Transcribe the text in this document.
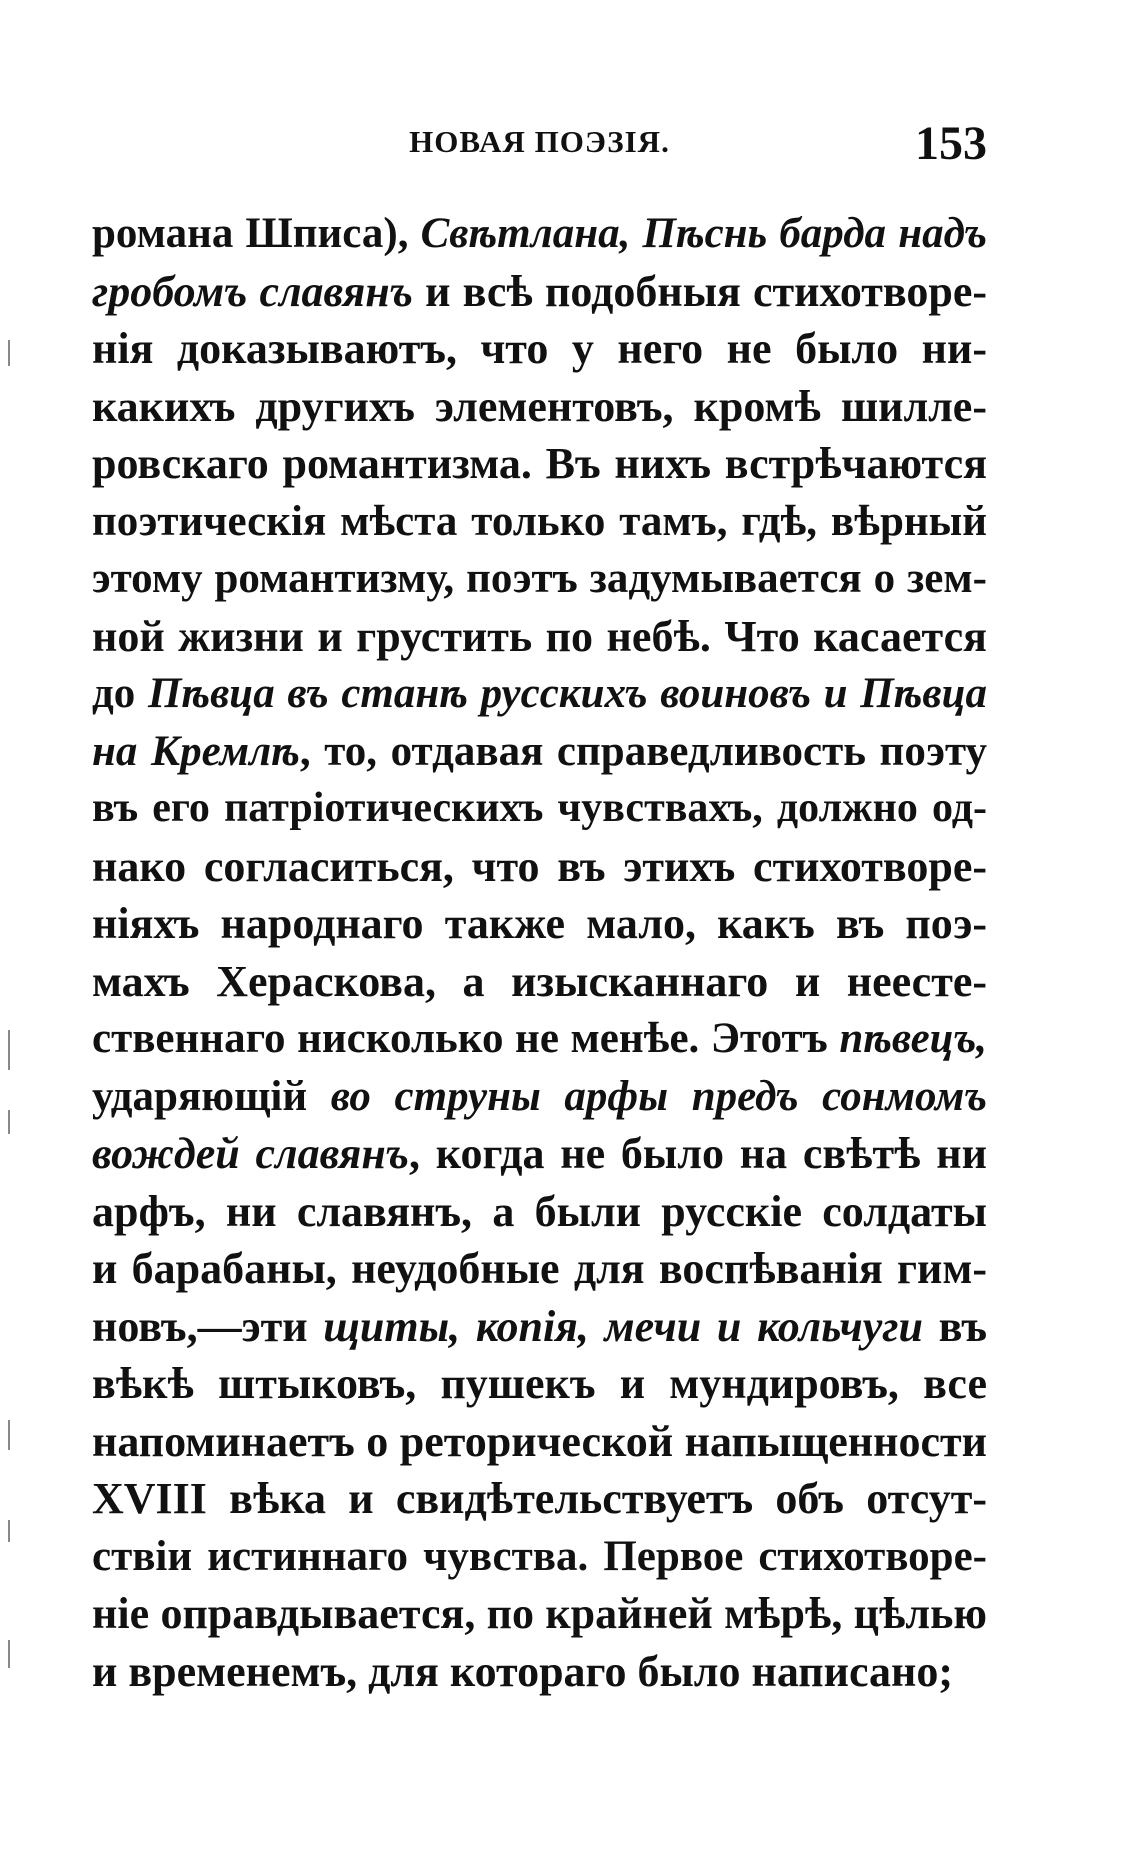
НОВАЯ ПОЭЗІЯ.	153
романа Шписа), Свѣтлана, Пѣснь барда надъ
гробомъ славянъ и всѣ подобныя стихотворе-
нія доказываютъ, что у него не было ни-
какихъ другихъ элементовъ, кромѣ шилле-
ровскаго романтизма. Въ нихъ встрѣчаются
поэтическія мѣста только тамъ, гдѣ, вѣрный
этому романтизму, поэтъ задумывается о зем-
ной жизни и грустить по небѣ. Что касается
до Пѣвца въ станѣ русскихъ воиновъ и Пѣвца
на Кремлѣ, то, отдавая справедливость поэту
въ его патріотическихъ чувствахъ, должно од-
нако согласиться, что въ этихъ стихотворе-
ніяхъ народнаго также мало, какъ въ поэ-
махъ Хераскова, а изысканнаго и неесте-
ственнаго нисколько не менѣе. Этотъ пѣвецъ,
ударяющій во струны арфы предъ сонмомъ
вождей славянъ, когда не было на свѣтѣ ни
арфъ, ни славянъ, а были русскіе солдаты
и барабаны, неудобные для воспѣванія гим-
новъ,—эти щиты, копія, мечи и кольчуги въ
вѣкѣ штыковъ, пушекъ и мундировъ, все
напоминаетъ о реторической напыщенности
XVIII вѣка и свидѣтельствуетъ объ отсут-
ствіи истиннаго чувства. Первое стихотворе-
ніе оправдывается, по крайней мѣрѣ, цѣлью
и временемъ, для котораго было написано;
